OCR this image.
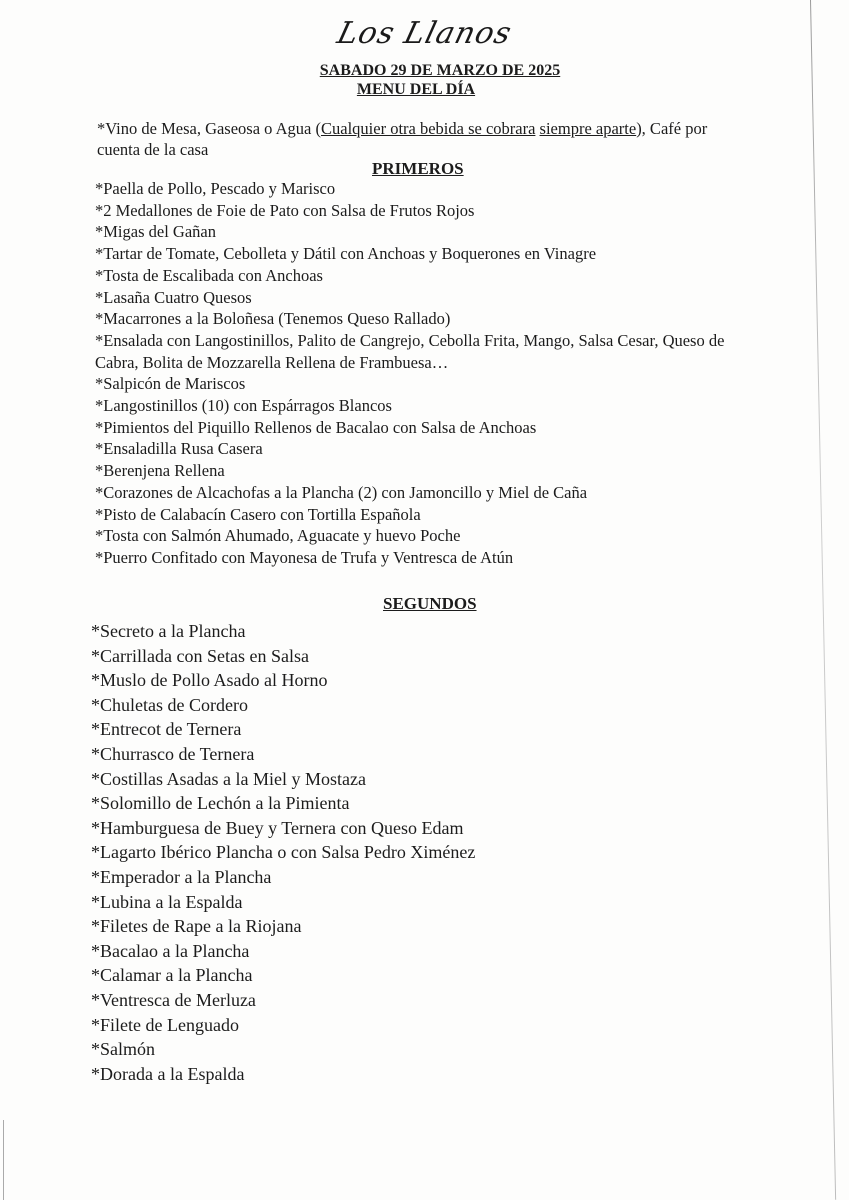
Los Llanos
SABADO 29 DE MARZO DE 2025
MENU DEL DÍA
*Vino de Mesa, Gaseosa o Agua (Cualquier otra bebida se cobrara siempre aparte), Café por cuenta de la casa
PRIMEROS
*Paella de Pollo, Pescado y Marisco
*2 Medallones de Foie de Pato con Salsa de Frutos Rojos
*Migas del Gañan
*Tartar de Tomate, Cebolleta y Dátil con Anchoas y Boquerones en Vinagre
*Tosta de Escalibada con Anchoas
*Lasaña Cuatro Quesos
*Macarrones a la Boloñesa (Tenemos Queso Rallado)
*Ensalada con Langostinillos, Palito de Cangrejo, Cebolla Frita, Mango, Salsa Cesar, Queso de Cabra, Bolita de Mozzarella Rellena de Frambuesa…
*Salpicón de Mariscos
*Langostinillos (10) con Espárragos Blancos
*Pimientos del Piquillo Rellenos de Bacalao con Salsa de Anchoas
*Ensaladilla Rusa Casera
*Berenjena Rellena
*Corazones de Alcachofas a la Plancha (2) con Jamoncillo y Miel de Caña
*Pisto de Calabacín Casero con Tortilla Española
*Tosta con Salmón Ahumado, Aguacate y huevo Poche
*Puerro Confitado con Mayonesa de Trufa y Ventresca de Atún
SEGUNDOS
*Secreto a la Plancha
*Carrillada con Setas en Salsa
*Muslo de Pollo Asado al Horno
*Chuletas de Cordero
*Entrecot de Ternera
*Churrasco de Ternera
*Costillas Asadas a la Miel y Mostaza
*Solomillo de Lechón a la Pimienta
*Hamburguesa de Buey y Ternera con Queso Edam
*Lagarto Ibérico Plancha o con Salsa Pedro Ximénez
*Emperador a la Plancha
*Lubina a la Espalda
*Filetes de Rape a la Riojana
*Bacalao a la Plancha
*Calamar a la Plancha
*Ventresca de Merluza
*Filete de Lenguado
*Salmón
*Dorada a la Espalda
